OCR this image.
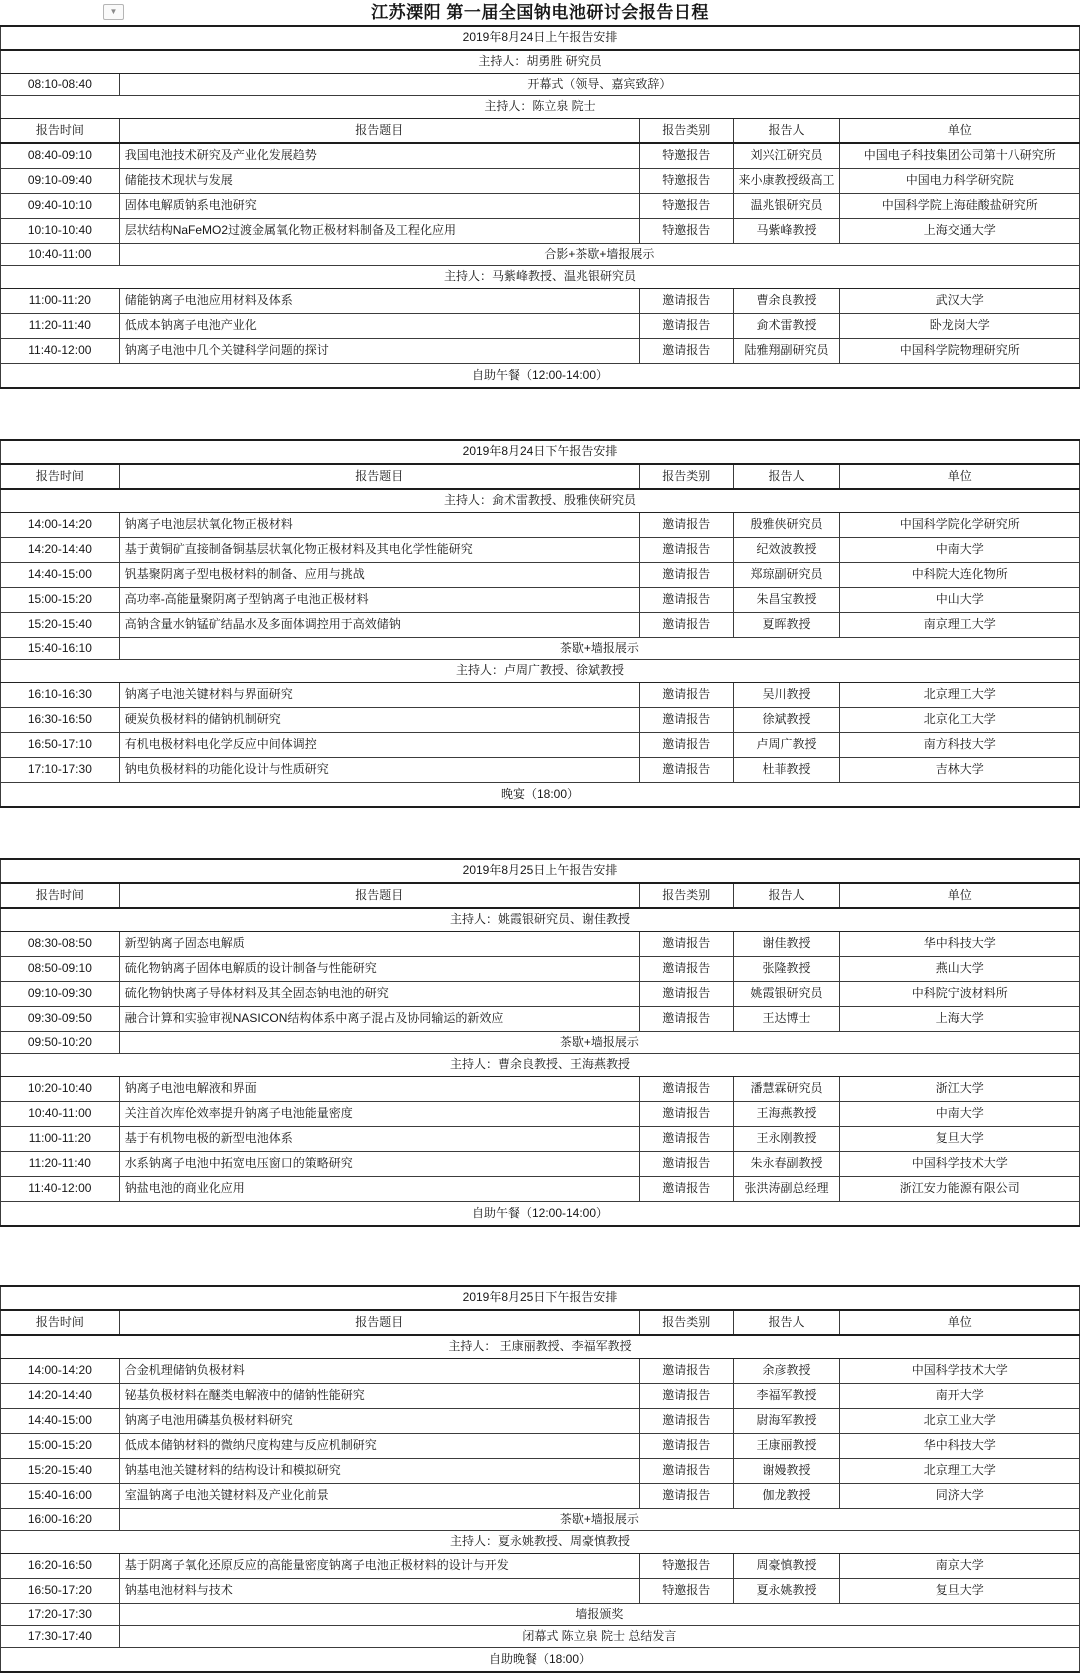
▼	江苏溧阳 第一届全国钠电池研讨会报告日程
2019年8月24日上午报告安排				
主持人：胡勇胜 研究员				
08:10-08:40	开幕式（领导、嘉宾致辞）			
主持人：陈立泉 院士				
报告时间	报告题目	报告类别	报告人	单位
08:40-09:10	我国电池技术研究及产业化发展趋势	特邀报告	刘兴江研究员	中国电子科技集团公司第十八研究所
09:10-09:40	储能技术现状与发展	特邀报告	来小康教授级高工	中国电力科学研究院
09:40-10:10	固体电解质钠系电池研究	特邀报告	温兆银研究员	中国科学院上海硅酸盐研究所
10:10-10:40	层状结构NaFeMO2过渡金属氧化物正极材料制备及工程化应用	特邀报告	马紫峰教授	上海交通大学
10:40-11:00	合影+茶歇+墙报展示			
主持人：马紫峰教授、温兆银研究员				
11:00-11:20	储能钠离子电池应用材料及体系	邀请报告	曹余良教授	武汉大学
11:20-11:40	低成本钠离子电池产业化	邀请报告	侴术雷教授	卧龙岗大学
11:40-12:00	钠离子电池中几个关键科学问题的探讨	邀请报告	陆雅翔副研究员	中国科学院物理研究所
自助午餐（12:00-14:00）				
2019年8月24日下午报告安排				
报告时间	报告题目	报告类别	报告人	单位
主持人：侴术雷教授、殷雅侠研究员				
14:00-14:20	钠离子电池层状氧化物正极材料	邀请报告	殷雅侠研究员	中国科学院化学研究所
14:20-14:40	基于黄铜矿直接制备铜基层状氧化物正极材料及其电化学性能研究	邀请报告	纪效波教授	中南大学
14:40-15:00	钒基聚阴离子型电极材料的制备、应用与挑战	邀请报告	郑琼副研究员	中科院大连化物所
15:00-15:20	高功率-高能量聚阴离子型钠离子电池正极材料	邀请报告	朱昌宝教授	中山大学
15:20-15:40	高钠含量水钠锰矿结晶水及多面体调控用于高效储钠	邀请报告	夏晖教授	南京理工大学
15:40-16:10	茶歇+墙报展示			
主持人：卢周广教授、徐斌教授				
16:10-16:30	钠离子电池关键材料与界面研究	邀请报告	吴川教授	北京理工大学
16:30-16:50	硬炭负极材料的储钠机制研究	邀请报告	徐斌教授	北京化工大学
16:50-17:10	有机电极材料电化学反应中间体调控	邀请报告	卢周广教授	南方科技大学
17:10-17:30	钠电负极材料的功能化设计与性质研究	邀请报告	杜菲教授	吉林大学
晚宴（18:00）				
2019年8月25日上午报告安排				
报告时间	报告题目	报告类别	报告人	单位
主持人：姚霞银研究员、谢佳教授				
08:30-08:50	新型钠离子固态电解质	邀请报告	谢佳教授	华中科技大学
08:50-09:10	硫化物钠离子固体电解质的设计制备与性能研究	邀请报告	张隆教授	燕山大学
09:10-09:30	硫化物钠快离子导体材料及其全固态钠电池的研究	邀请报告	姚霞银研究员	中科院宁波材料所
09:30-09:50	融合计算和实验审视NASICON结构体系中离子混占及协同输运的新效应	邀请报告	王达博士	上海大学
09:50-10:20	茶歇+墙报展示			
主持人：曹余良教授、王海燕教授				
10:20-10:40	钠离子电池电解液和界面	邀请报告	潘慧霖研究员	浙江大学
10:40-11:00	关注首次库伦效率提升钠离子电池能量密度	邀请报告	王海燕教授	中南大学
11:00-11:20	基于有机物电极的新型电池体系	邀请报告	王永刚教授	复旦大学
11:20-11:40	水系钠离子电池中拓宽电压窗口的策略研究	邀请报告	朱永春副教授	中国科学技术大学
11:40-12:00	钠盐电池的商业化应用	邀请报告	张洪涛副总经理	浙江安力能源有限公司
自助午餐（12:00-14:00）				
2019年8月25日下午报告安排				
报告时间	报告题目	报告类别	报告人	单位
主持人： 王康丽教授、李福军教授				
14:00-14:20	合金机理储钠负极材料	邀请报告	余彦教授	中国科学技术大学
14:20-14:40	铋基负极材料在醚类电解液中的储钠性能研究	邀请报告	李福军教授	南开大学
14:40-15:00	钠离子电池用磷基负极材料研究	邀请报告	尉海军教授	北京工业大学
15:00-15:20	低成本储钠材料的微纳尺度构建与反应机制研究	邀请报告	王康丽教授	华中科技大学
15:20-15:40	钠基电池关键材料的结构设计和模拟研究	邀请报告	谢嫚教授	北京理工大学
15:40-16:00	室温钠离子电池关键材料及产业化前景	邀请报告	伽龙教授	同济大学
16:00-16:20	茶歇+墙报展示			
主持人：夏永姚教授、周豪慎教授				
16:20-16:50	基于阴离子氧化还原反应的高能量密度钠离子电池正极材料的设计与开发	特邀报告	周豪慎教授	南京大学
16:50-17:20	钠基电池材料与技术	特邀报告	夏永姚教授	复旦大学
17:20-17:30	墙报颁奖			
17:30-17:40	闭幕式 陈立泉 院士 总结发言			
自助晚餐（18:00）				
